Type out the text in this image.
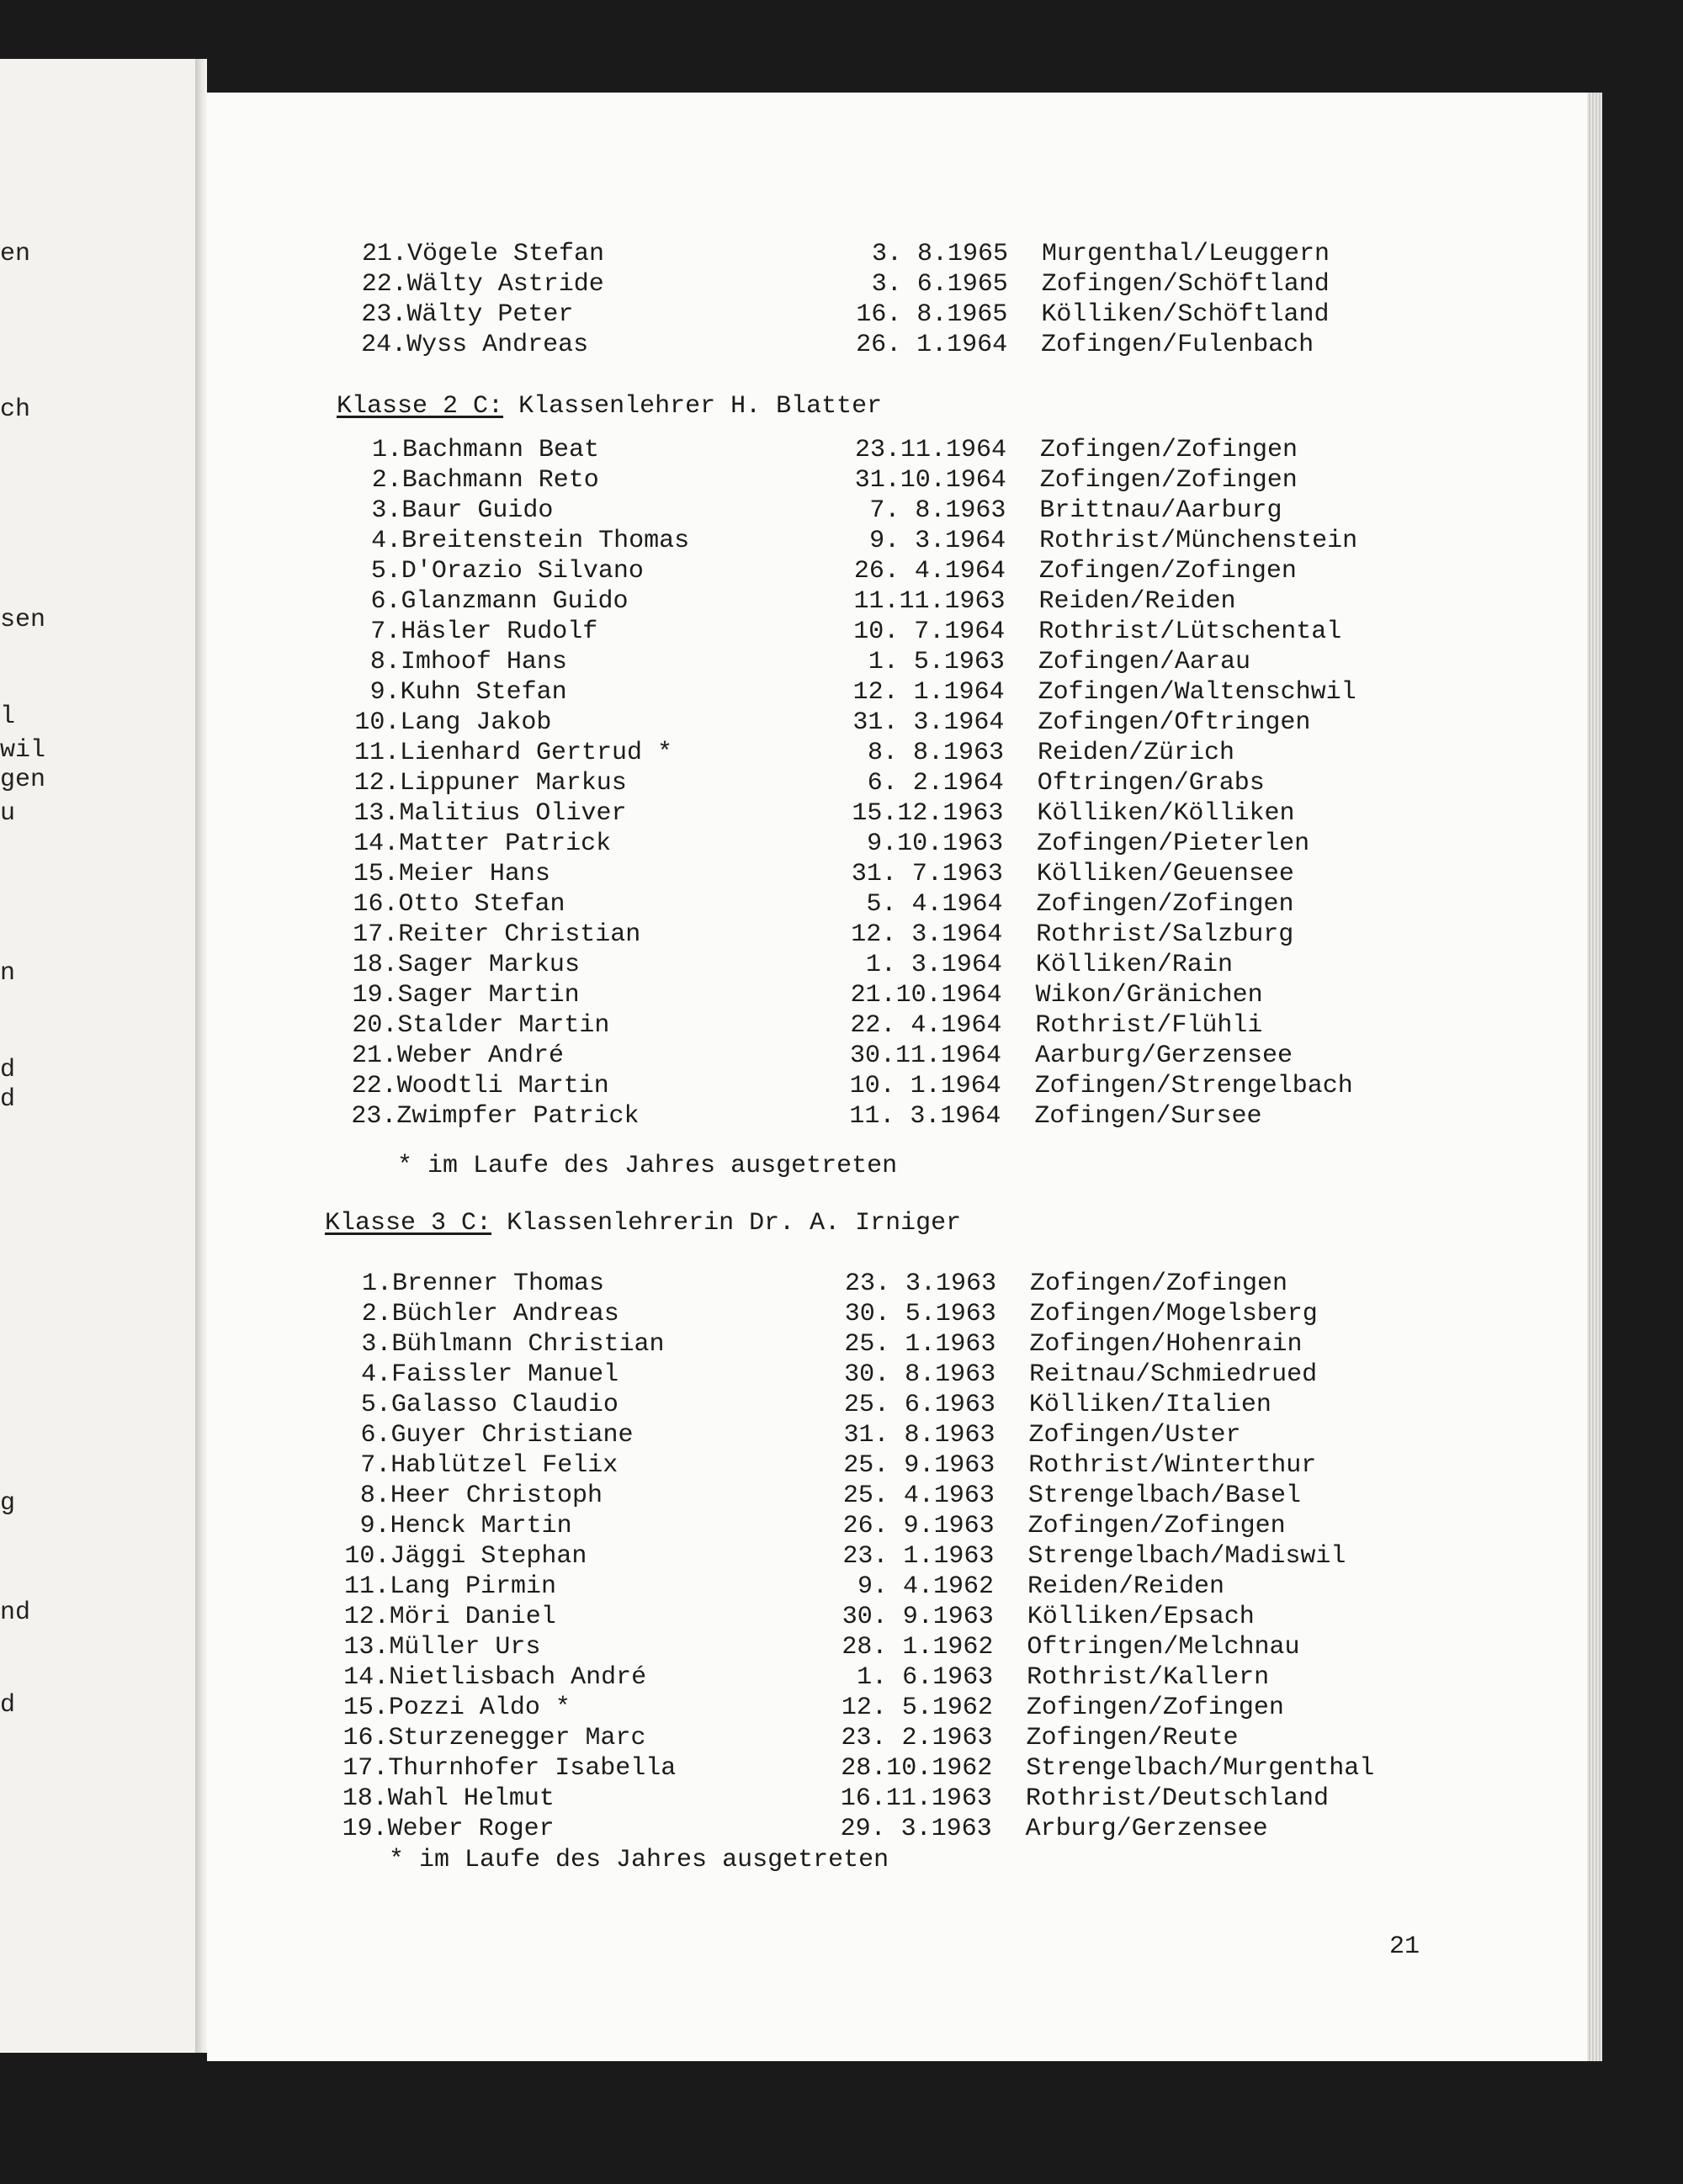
en
ch
sen
l
wil
gen
u
n
d
d
g
nd
d
21. Vögele Stefan	3. 8.1965 Murgenthal/Leuggern
22. Wälty Astride	3. 6.1965 Zofingen/Schöftland
23. Wälty Peter	16. 8.1965 Kölliken/Schöftland
24. Wyss Andreas	26. 1.1964 Zofingen/Fulenbach
Klasse 2 C: Klassenlehrer H. Blatter
1. Bachmann Beat	23.11.1964 Zofingen/Zofingen
2. Bachmann Reto	31.10.1964 Zofingen/Zofingen
3. Baur Guido	7. 8.1963 Brittnau/Aarburg
4. Breitenstein Thomas	9. 3.1964 Rothrist/Münchenstein
5. D'Orazio Silvano	26. 4.1964 Zofingen/Zofingen
6. Glanzmann Guido	11.11.1963 Reiden/Reiden
7. Häsler Rudolf	10. 7.1964 Rothrist/Lütschental
8. Imhoof Hans	1. 5.1963 Zofingen/Aarau
9. Kuhn Stefan	12. 1.1964 Zofingen/Waltenschwil
10. Lang Jakob	31. 3.1964 Zofingen/Oftringen
11. Lienhard Gertrud *	8. 8.1963 Reiden/Zürich
12. Lippuner Markus	6. 2.1964 Oftringen/Grabs
13. Malitius Oliver	15.12.1963 Kölliken/Kölliken
14. Matter Patrick	9.10.1963 Zofingen/Pieterlen
15. Meier Hans	31. 7.1963 Kölliken/Geuensee
16. Otto Stefan	5. 4.1964 Zofingen/Zofingen
17. Reiter Christian	12. 3.1964 Rothrist/Salzburg
18. Sager Markus	1. 3.1964 Kölliken/Rain
19. Sager Martin	21.10.1964 Wikon/Gränichen
20. Stalder Martin	22. 4.1964 Rothrist/Flühli
21. Weber André	30.11.1964 Aarburg/Gerzensee
22. Woodtli Martin	10. 1.1964 Zofingen/Strengelbach
23. Zwimpfer Patrick	11. 3.1964 Zofingen/Sursee
* im Laufe des Jahres ausgetreten
Klasse 3 C: Klassenlehrerin Dr. A. Irniger
1. Brenner Thomas	23. 3.1963 Zofingen/Zofingen
2. Büchler Andreas	30. 5.1963 Zofingen/Mogelsberg
3. Bühlmann Christian	25. 1.1963 Zofingen/Hohenrain
4. Faissler Manuel	30. 8.1963 Reitnau/Schmiedrued
5. Galasso Claudio	25. 6.1963 Kölliken/Italien
6. Guyer Christiane	31. 8.1963 Zofingen/Uster
7. Hablützel Felix	25. 9.1963 Rothrist/Winterthur
8. Heer Christoph	25. 4.1963 Strengelbach/Basel
9. Henck Martin	26. 9.1963 Zofingen/Zofingen
10. Jäggi Stephan	23. 1.1963 Strengelbach/Madiswil
11. Lang Pirmin	9. 4.1962 Reiden/Reiden
12. Möri Daniel	30. 9.1963 Kölliken/Epsach
13. Müller Urs	28. 1.1962 Oftringen/Melchnau
14. Nietlisbach André	1. 6.1963 Rothrist/Kallern
15. Pozzi Aldo *	12. 5.1962 Zofingen/Zofingen
16. Sturzenegger Marc	23. 2.1963 Zofingen/Reute
17. Thurnhofer Isabella	28.10.1962 Strengelbach/Murgenthal
18. Wahl Helmut	16.11.1963 Rothrist/Deutschland
19. Weber Roger	29. 3.1963 Arburg/Gerzensee
* im Laufe des Jahres ausgetreten
21
